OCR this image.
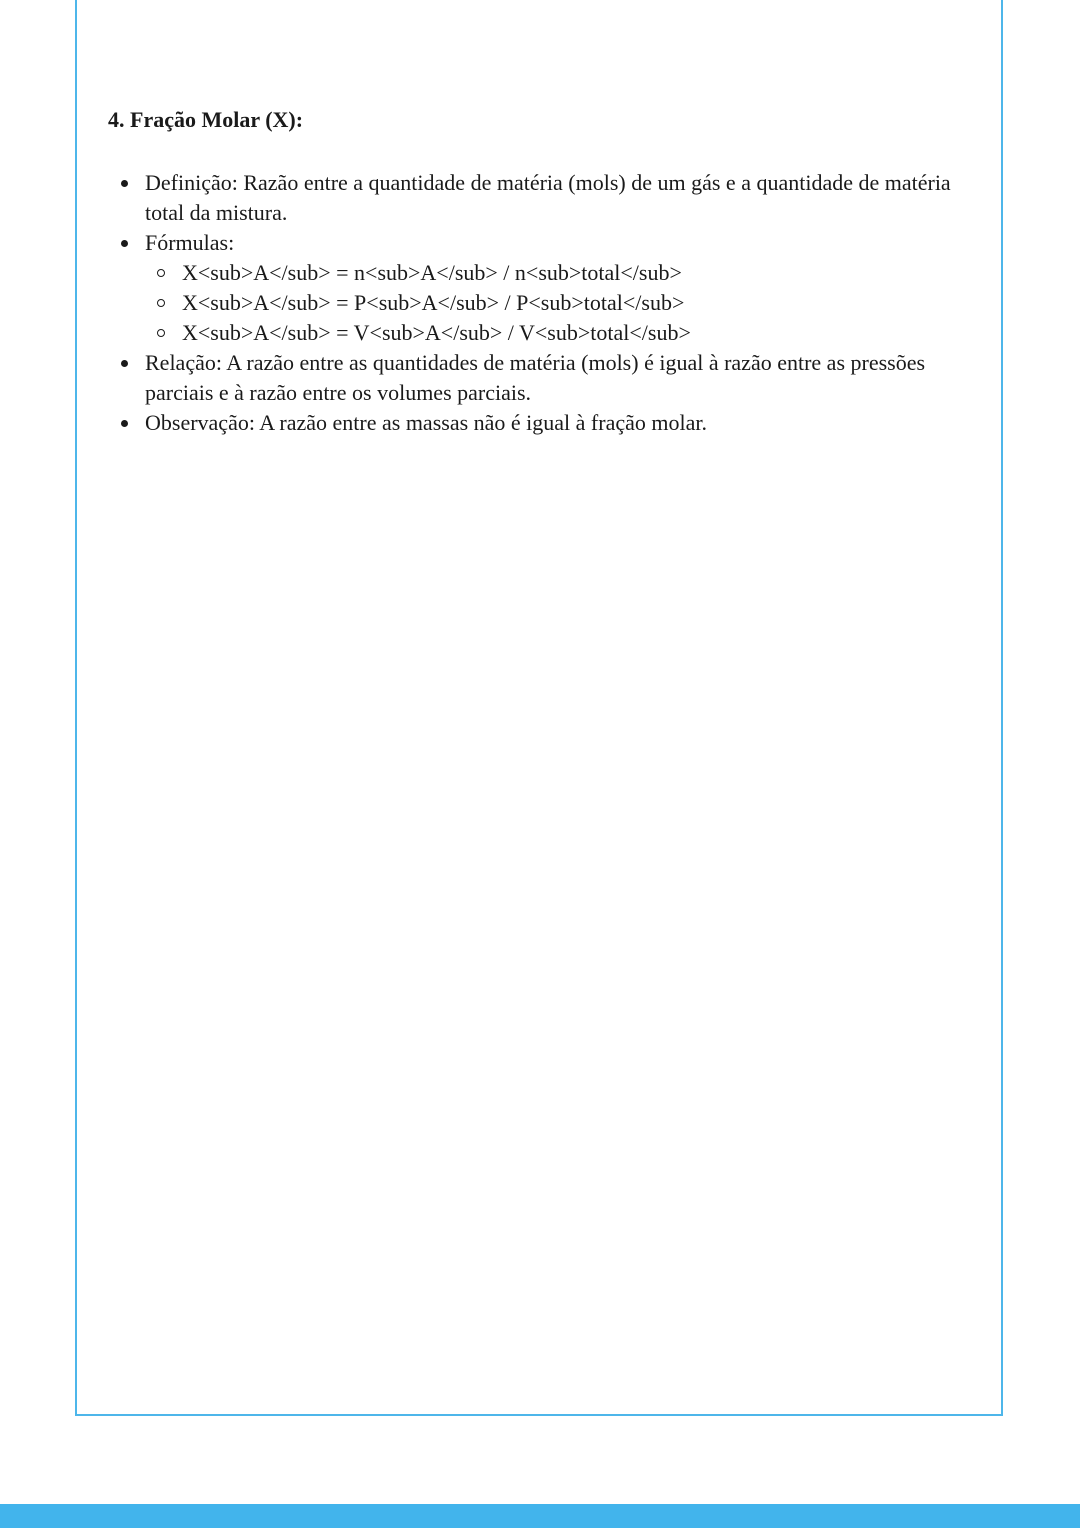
4. Fração Molar (X):
Definição: Razão entre a quantidade de matéria (mols) de um gás e a quantidade de matéria total da mistura.
Fórmulas:
X<sub>A</sub> = n<sub>A</sub> / n<sub>total</sub>
X<sub>A</sub> = P<sub>A</sub> / P<sub>total</sub>
X<sub>A</sub> = V<sub>A</sub> / V<sub>total</sub>
Relação: A razão entre as quantidades de matéria (mols) é igual à razão entre as pressões parciais e à razão entre os volumes parciais.
Observação: A razão entre as massas não é igual à fração molar.
